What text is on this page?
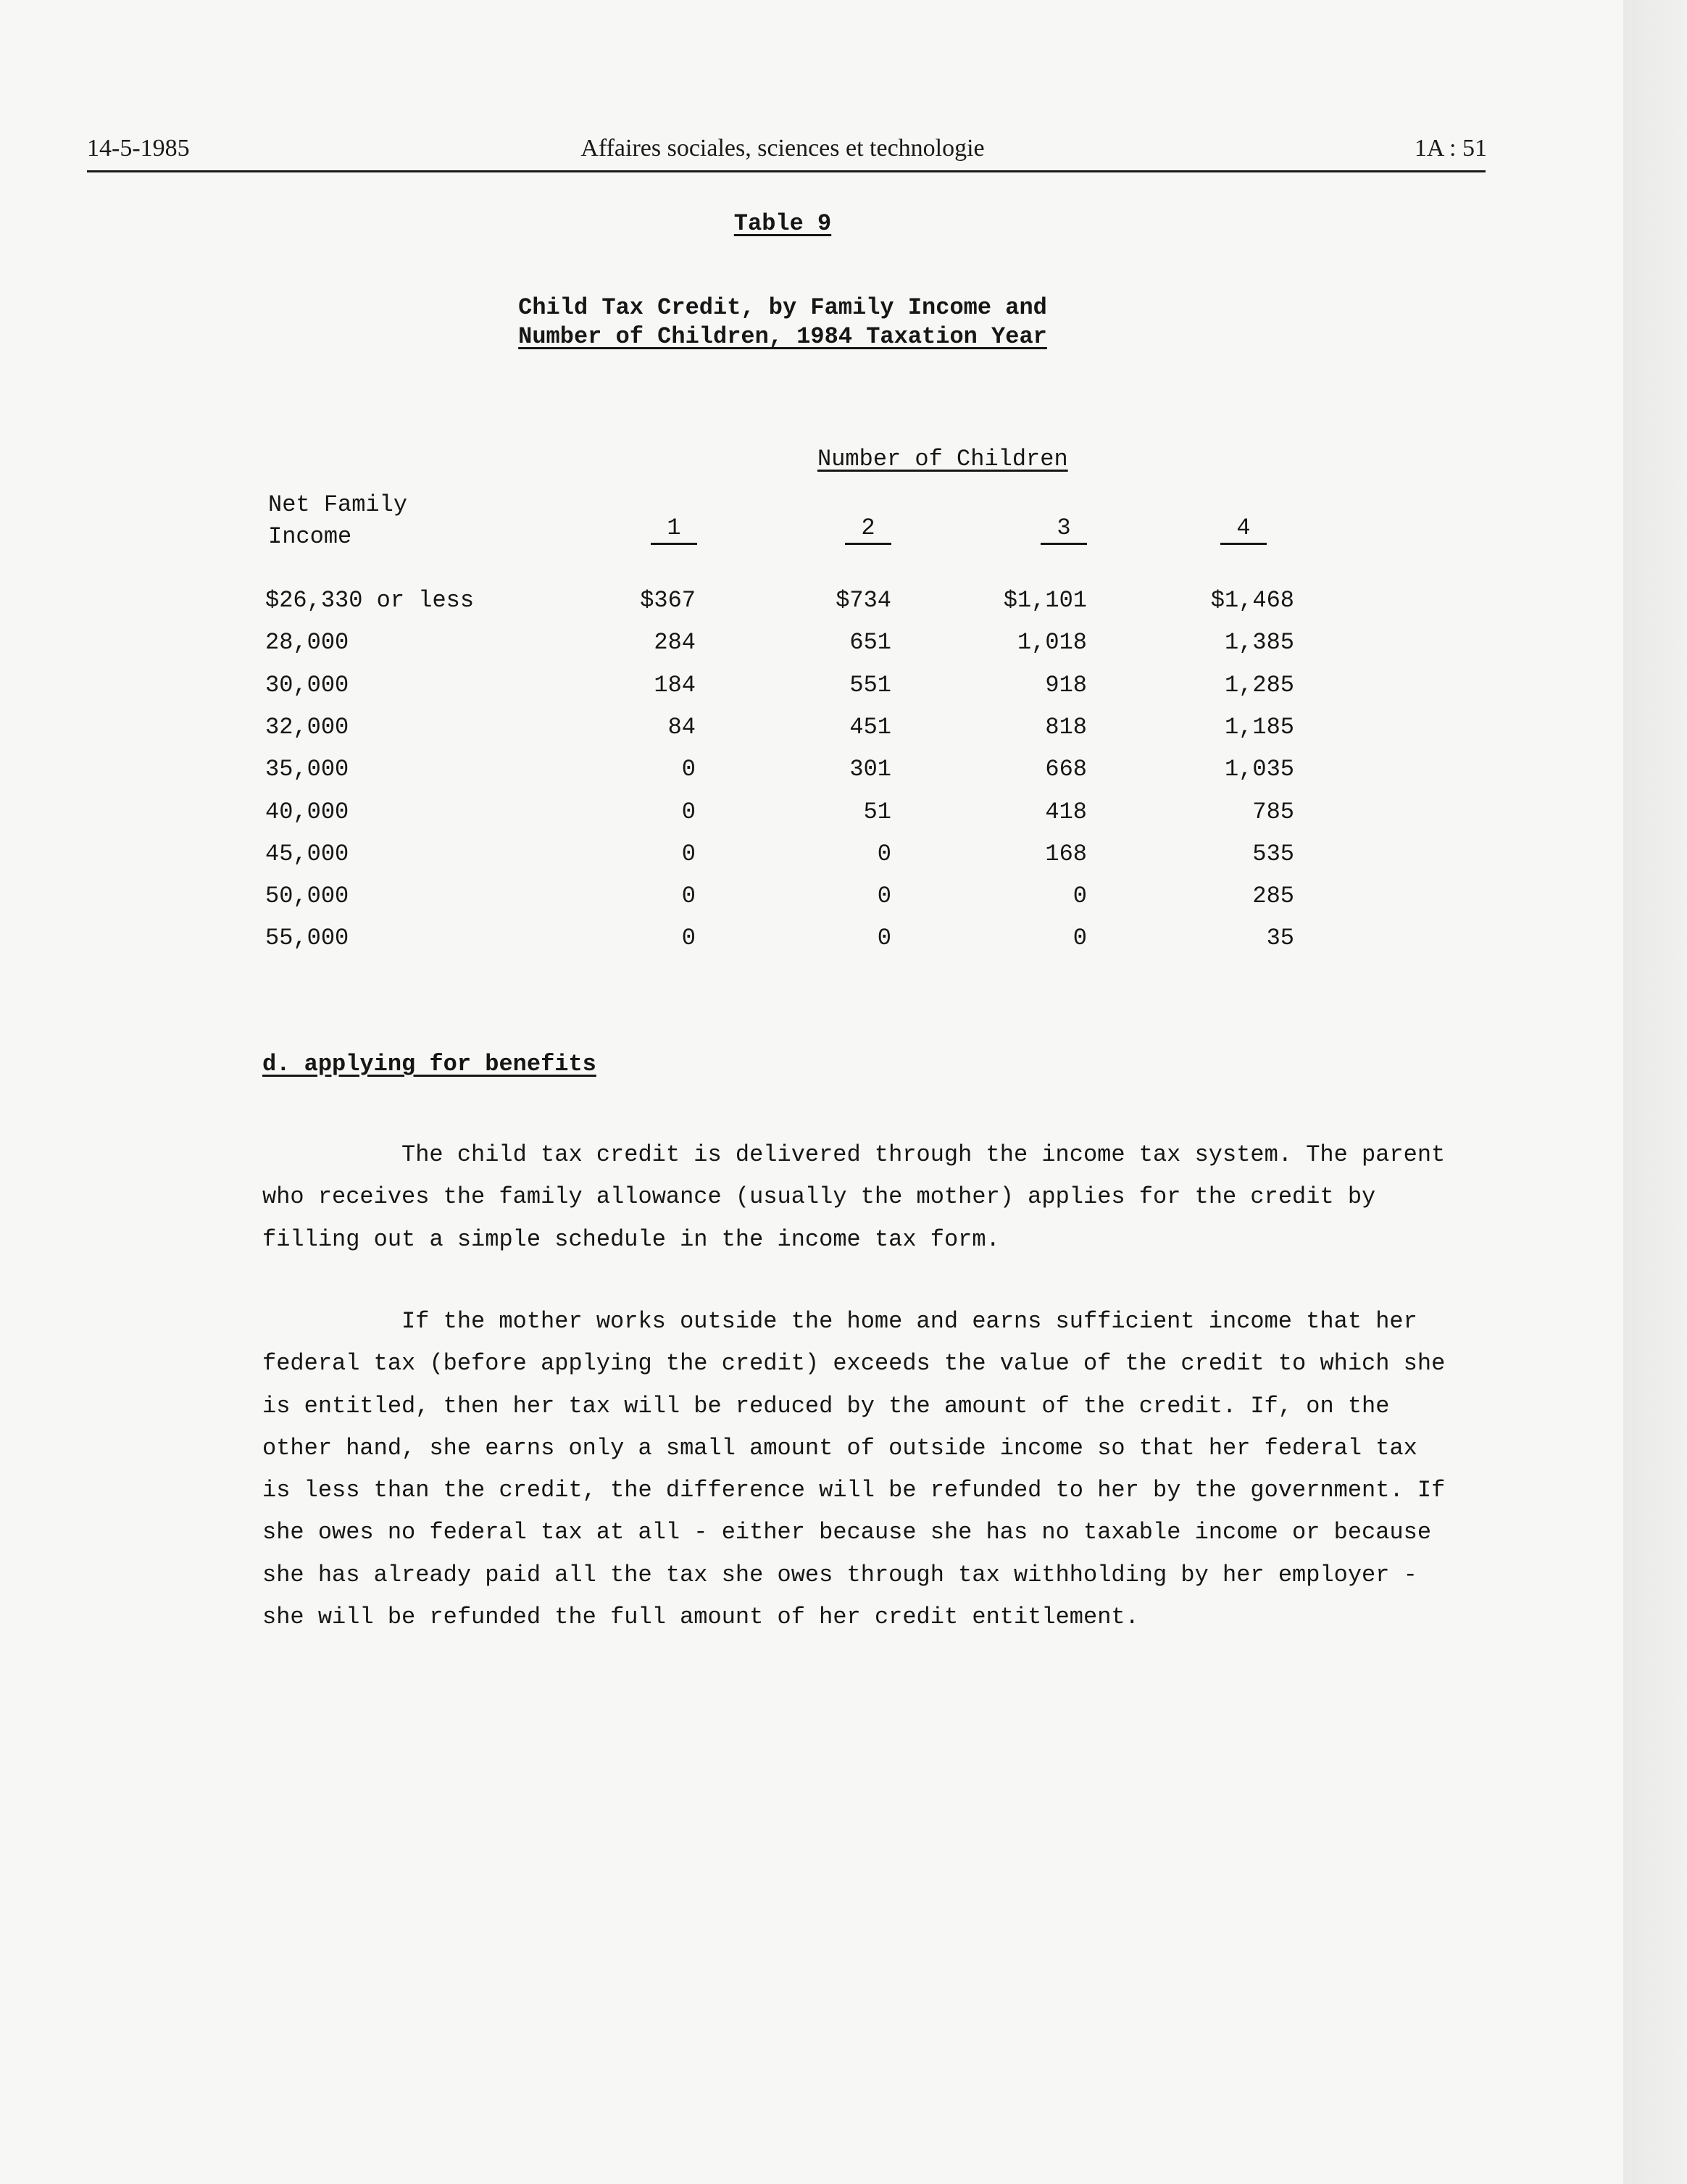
14-5-1985	Affaires sociales, sciences et technologie	1A : 51
Table 9
Child Tax Credit, by Family Income and
Number of Children, 1984 Taxation Year
Number of Children
Net Family
Income	1	2	3	4
$26,330 or less	$367	$734	$1,101	$1,468
28,000	284	651	1,018	1,385
30,000	184	551	918	1,285
32,000	84	451	818	1,185
35,000	0	301	668	1,035
40,000	0	51	418	785
45,000	0	0	168	535
50,000	0	0	0	285
55,000	0	0	0	35
d. applying for benefits
The child tax credit is delivered through the income tax system. The parent who receives the family allowance (usually the mother) applies for the credit by filling out a simple schedule in the income tax form.
If the mother works outside the home and earns sufficient income that her federal tax (before applying the credit) exceeds the value of the credit to which she is entitled, then her tax will be reduced by the amount of the credit. If, on the other hand, she earns only a small amount of outside income so that her federal tax is less than the credit, the difference will be refunded to her by the government. If she owes no federal tax at all - either because she has no taxable income or because she has already paid all the tax she owes through tax withholding by her employer - she will be refunded the full amount of her credit entitlement.
